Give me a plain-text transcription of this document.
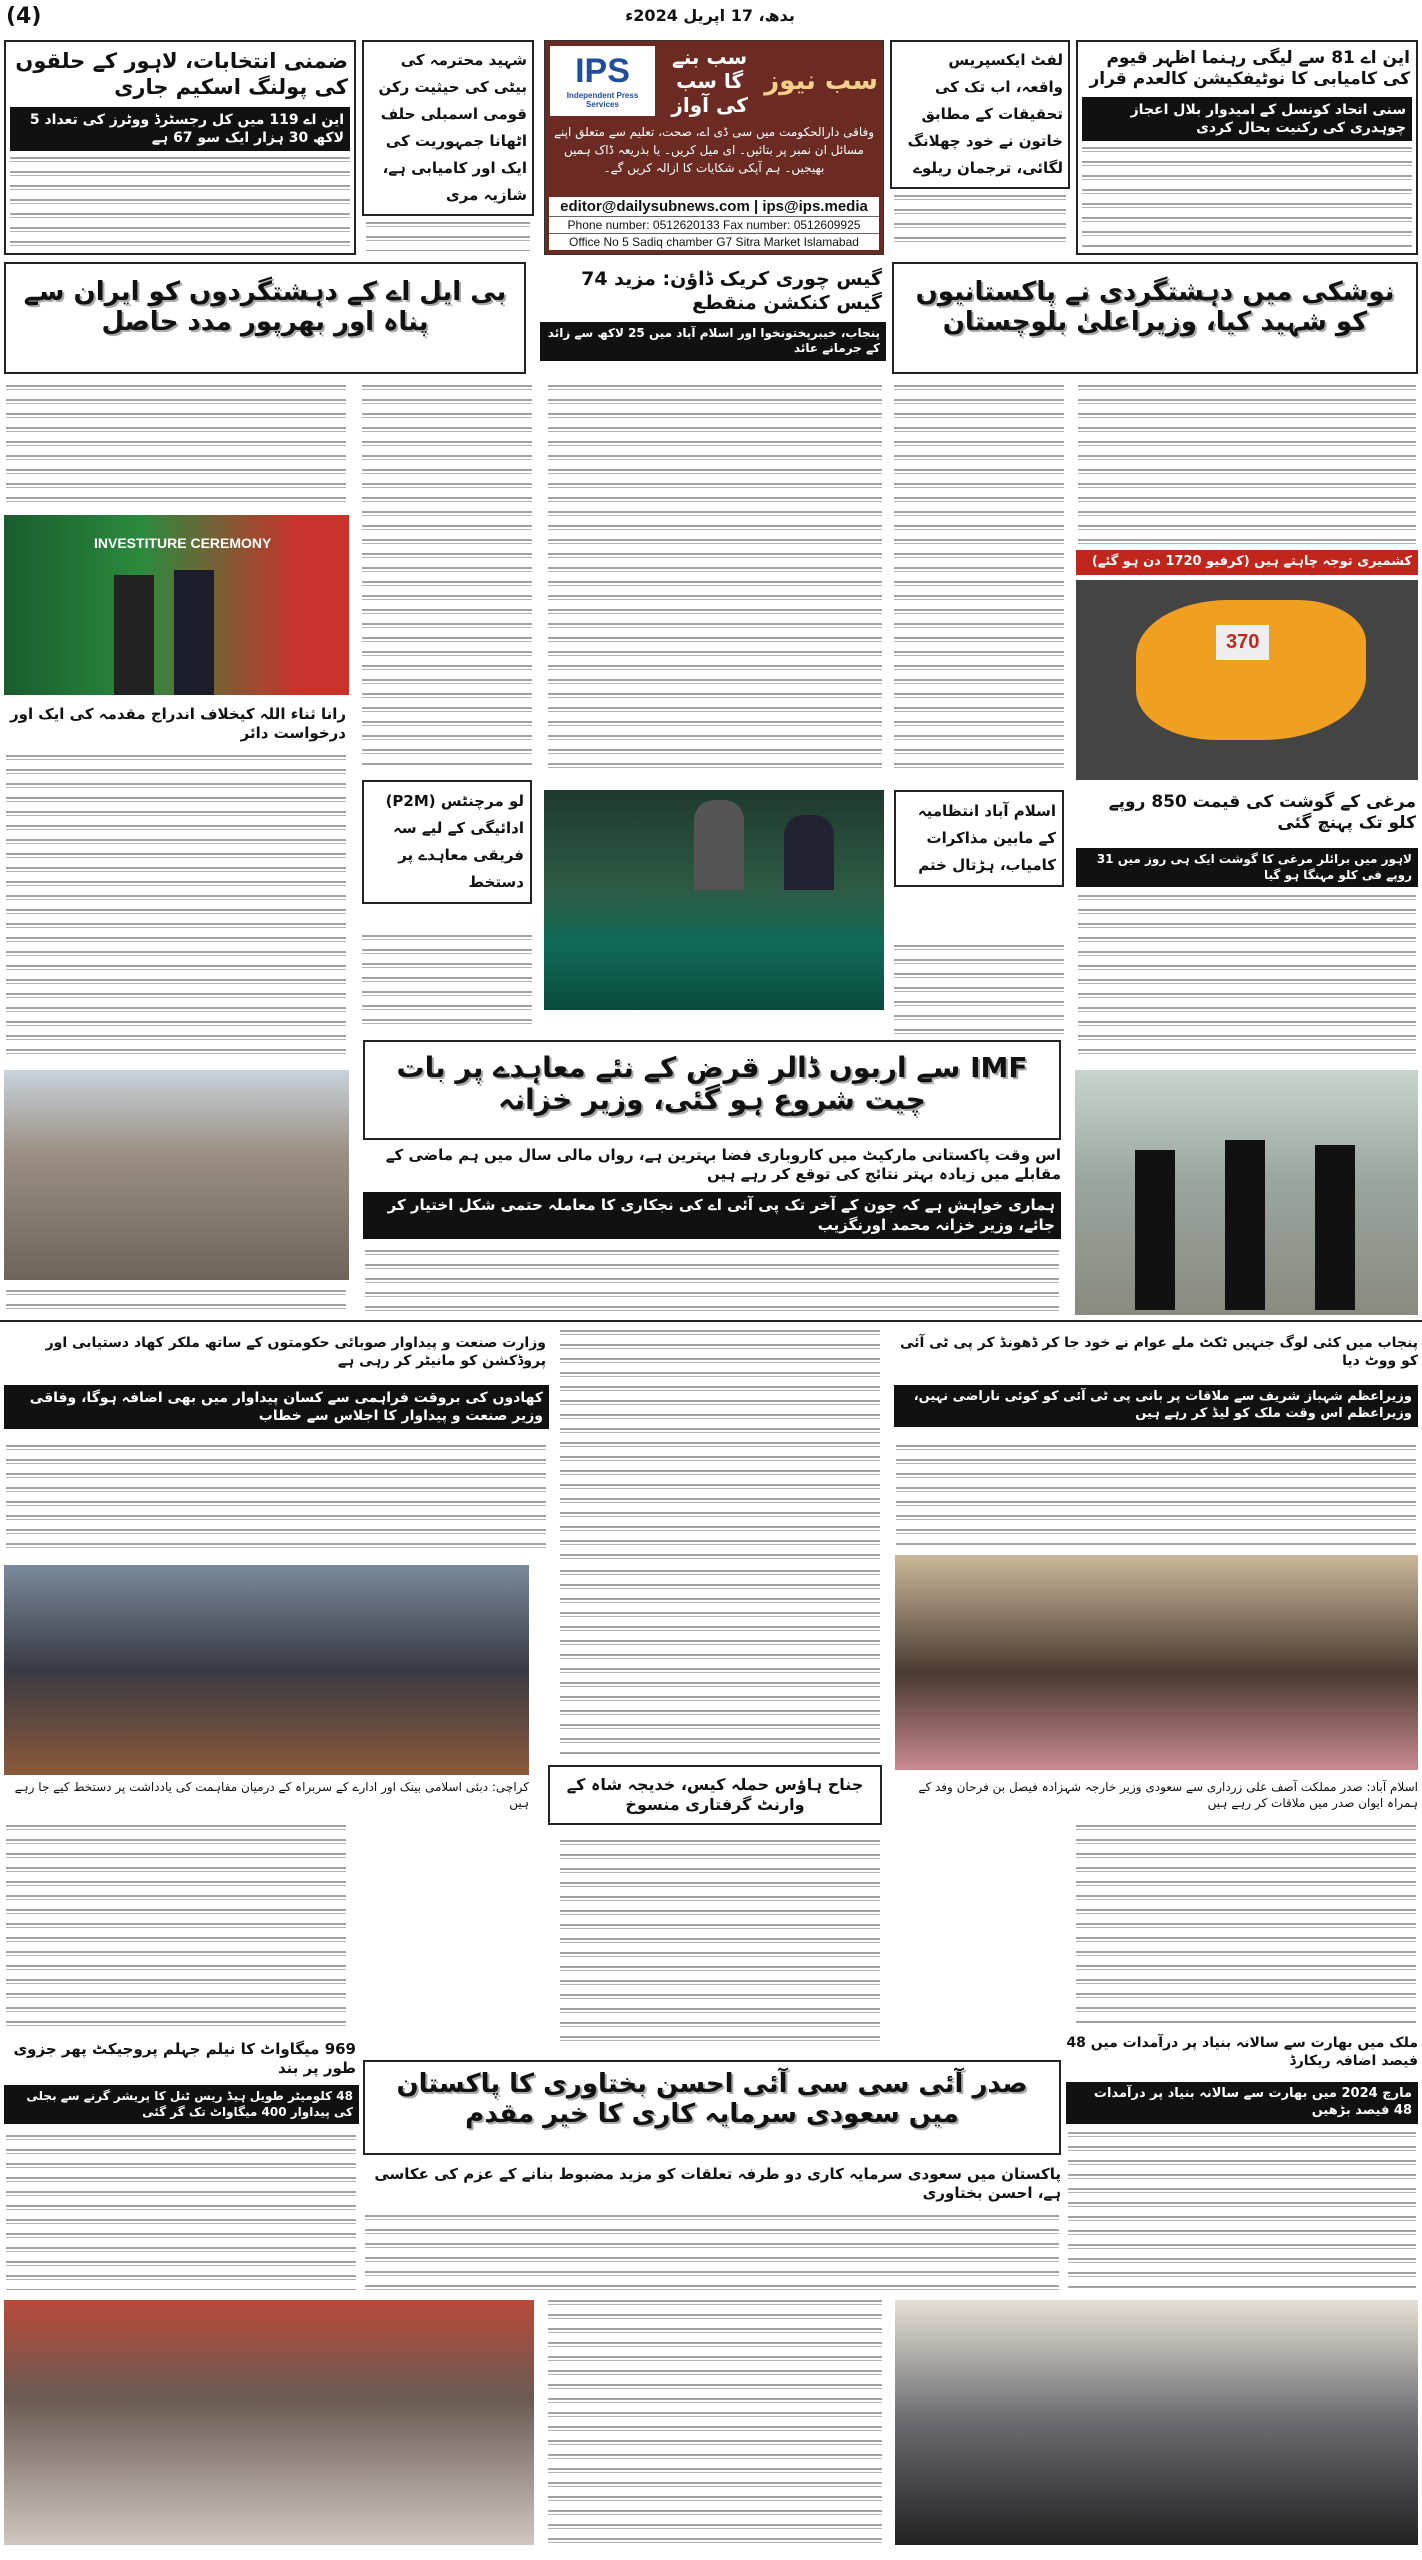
(4)	بدھ، 17 اپریل 2024ء
ضمنی انتخابات، لاہور کے حلقوں کی پولنگ اسکیم جاری
این اے 119 میں کل رجسٹرڈ ووٹرز کی تعداد 5 لاکھ 30 ہزار ایک سو 67 ہے
شہید محترمہ کی بیٹی کی حیثیت رکن قومی اسمبلی حلف اٹھانا جمہوریت کی ایک اور کامیابی ہے، شازیہ مری
IPS
Independent Press Services
سب بنے گا سب کی آواز
سب نیوز
وفاقی دارالحکومت میں سی ڈی اے، صحت، تعلیم سے متعلق اپنے مسائل ان نمبر پر بتائیں۔ ای میل کریں۔ یا بذریعہ ڈاک ہمیں بھیجیں۔ ہم آپکی شکایات کا ازالہ کریں گے۔
editor@dailysubnews.com | ips@ips.media
Phone number: 0512620133 Fax number: 0512609925
Office No 5 Sadiq chamber G7 Sitra Market Islamabad
لفٹ ایکسپریس واقعہ، اب تک کی تحقیقات کے مطابق خاتون نے خود چھلانگ لگائی، ترجمان ریلوے
این اے 81 سے لیگی رہنما اظہر قیوم کی کامیابی کا نوٹیفکیشن کالعدم قرار
سنی اتحاد کونسل کے امیدوار بلال اعجاز چوہدری کی رکنیت بحال کردی
بی ایل اے کے دہشتگردوں کو ایران سے پناہ اور بھرپور مدد حاصل
گیس چوری کریک ڈاؤن: مزید 74 گیس کنکشن منقطع
پنجاب، خیبرپختونخوا اور اسلام آباد میں 25 لاکھ سے زائد کے جرمانے عائد
نوشکی میں دہشتگردی نے پاکستانیوں کو شہید کیا، وزیراعلیٰ بلوچستان
INVESTITURE CEREMONY
رانا ثناء اللہ کیخلاف اندراج مقدمہ کی ایک اور درخواست دائر
لو مرچنٹس (P2M) ادائیگی کے لیے سہ فریقی معاہدے پر دستخط
اسلام آباد انتظامیہ کے مابین مذاکرات کامیاب، ہڑتال ختم
کشمیری توجہ چاہتے ہیں (کرفیو 1720 دن ہو گئے)
370
مرغی کے گوشت کی قیمت 850 روپے کلو تک پہنچ گئی
لاہور میں برائلر مرغی کا گوشت ایک ہی روز میں 31 روپے فی کلو مہنگا ہو گیا
IMF سے اربوں ڈالر قرض کے نئے معاہدے پر بات چیت شروع ہو گئی، وزیر خزانہ
اس وقت پاکستانی مارکیٹ میں کاروباری فضا بہترین ہے، رواں مالی سال میں ہم ماضی کے مقابلے میں زیادہ بہتر نتائج کی توقع کر رہے ہیں
ہماری خواہش ہے کہ جون کے آخر تک پی آئی اے کی نجکاری کا معاملہ حتمی شکل اختیار کر جائے، وزیر خزانہ محمد اورنگزیب
وزارت صنعت و پیداوار صوبائی حکومتوں کے ساتھ ملکر کھاد دستیابی اور پروڈکشن کو مانیٹر کر رہی ہے
کھادوں کی بروقت فراہمی سے کسان پیداوار میں بھی اضافہ ہوگا، وفاقی وزیر صنعت و پیداوار کا اجلاس سے خطاب
پنجاب میں کئی لوگ جنہیں ٹکٹ ملے عوام نے خود جا کر ڈھونڈ کر پی ٹی آئی کو ووٹ دیا
وزیراعظم شہباز شریف سے ملاقات پر بانی پی ٹی آئی کو کوئی ناراضی نہیں، وزیراعظم اس وقت ملک کو لیڈ کر رہے ہیں
کراچی: دبئی اسلامی بینک اور ادارے کے سربراہ کے درمیان مفاہمت کی یادداشت پر دستخط کیے جا رہے ہیں
جناح ہاؤس حملہ کیس، خدیجہ شاہ کے وارنٹ گرفتاری منسوخ
اسلام آباد: صدر مملکت آصف علی زرداری سے سعودی وزیر خارجہ شہزادہ فیصل بن فرحان وفد کے ہمراہ ایوان صدر میں ملاقات کر رہے ہیں
969 میگاواٹ کا نیلم جہلم پروجیکٹ پھر جزوی طور پر بند
48 کلومیٹر طویل ہیڈ ریس ٹنل کا پریشر گرنے سے بجلی کی پیداوار 400 میگاواٹ تک گر گئی
صدر آئی سی سی آئی احسن بختاوری کا پاکستان میں سعودی سرمایہ کاری کا خیر مقدم
پاکستان میں سعودی سرمایہ کاری دو طرفہ تعلقات کو مزید مضبوط بنانے کے عزم کی عکاسی ہے، احسن بختاوری
ملک میں بھارت سے سالانہ بنیاد پر درآمدات میں 48 فیصد اضافہ ریکارڈ
مارچ 2024 میں بھارت سے سالانہ بنیاد پر درآمدات 48 فیصد بڑھیں
